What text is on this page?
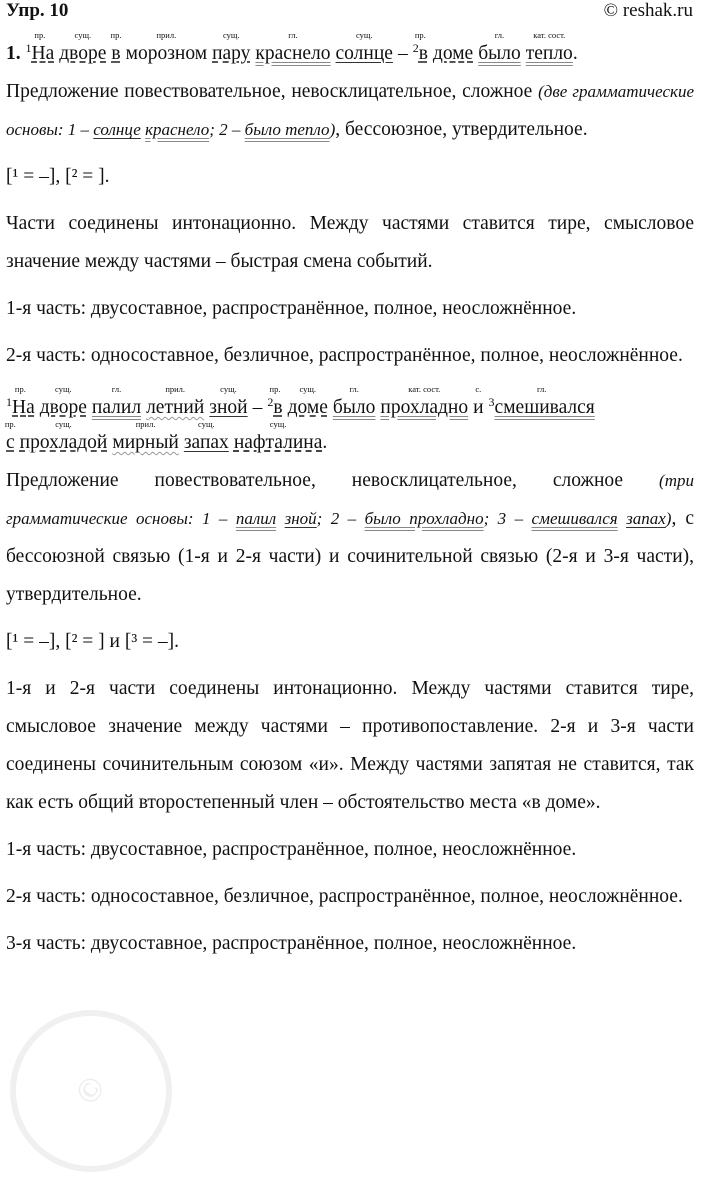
Упр. 10	© reshak.ru
1.
пр.
$^1$На
сущ.
дворе
пр.
в
прил.
морозном
сущ.
пару
гл.
краснело
сущ.
солнце –
пр.
$^2$в доме
гл.
было
кат. сост.
тепло
.

Предложение повествовательное, невосклицательное, сложное (две грамматические основы: 1 – солнце краснело; 2 – было тепло), бессоюзное, утвердительное.

[¹ = –], [² = ].

Части соединены интонационно. Между частями ставится тире, смысловое значение между частями – быстрая смена событий.

1-я часть: двусоставное, распространённое, полное, неосложнённое.

2-я часть: односоставное, безличное, распространённое, полное, неосложнённое.

пр.
$^1$На
сущ.
дворе
гл.
палил
прил.
летний
сущ.
зной –
пр.
$^2$в
сущ.
доме
гл.
было
кат. сост.
прохладно
с.
и
гл.
$^3$смешивался
пр.
с
сущ.
прохладой
прил.
мирный
сущ.
запах
сущ.
нафталина
.

Предложение повествовательное, невосклицательное, сложное (три грамматические основы: 1 – палил зной; 2 – было прохладно; 3 – смешивался запах), с бессоюзной связью (1-я и 2-я части) и сочинительной связью (2-я и 3-я части), утвердительное.

[¹ = –], [² = ] и [³ = –].

1-я и 2-я части соединены интонационно. Между частями ставится тире, смысловое значение между частями – противопоставление. 2-я и 3-я части соединены сочинительным союзом «и». Между частями запятая не ставится, так как есть общий второстепенный член – обстоятельство места «в доме».

1-я часть: двусоставное, распространённое, полное, неосложнённое.

2-я часть: односоставное, безличное, распространённое, полное, неосложнённое.

3-я часть: двусоставное, распространённое, полное, неосложнённое.

©
